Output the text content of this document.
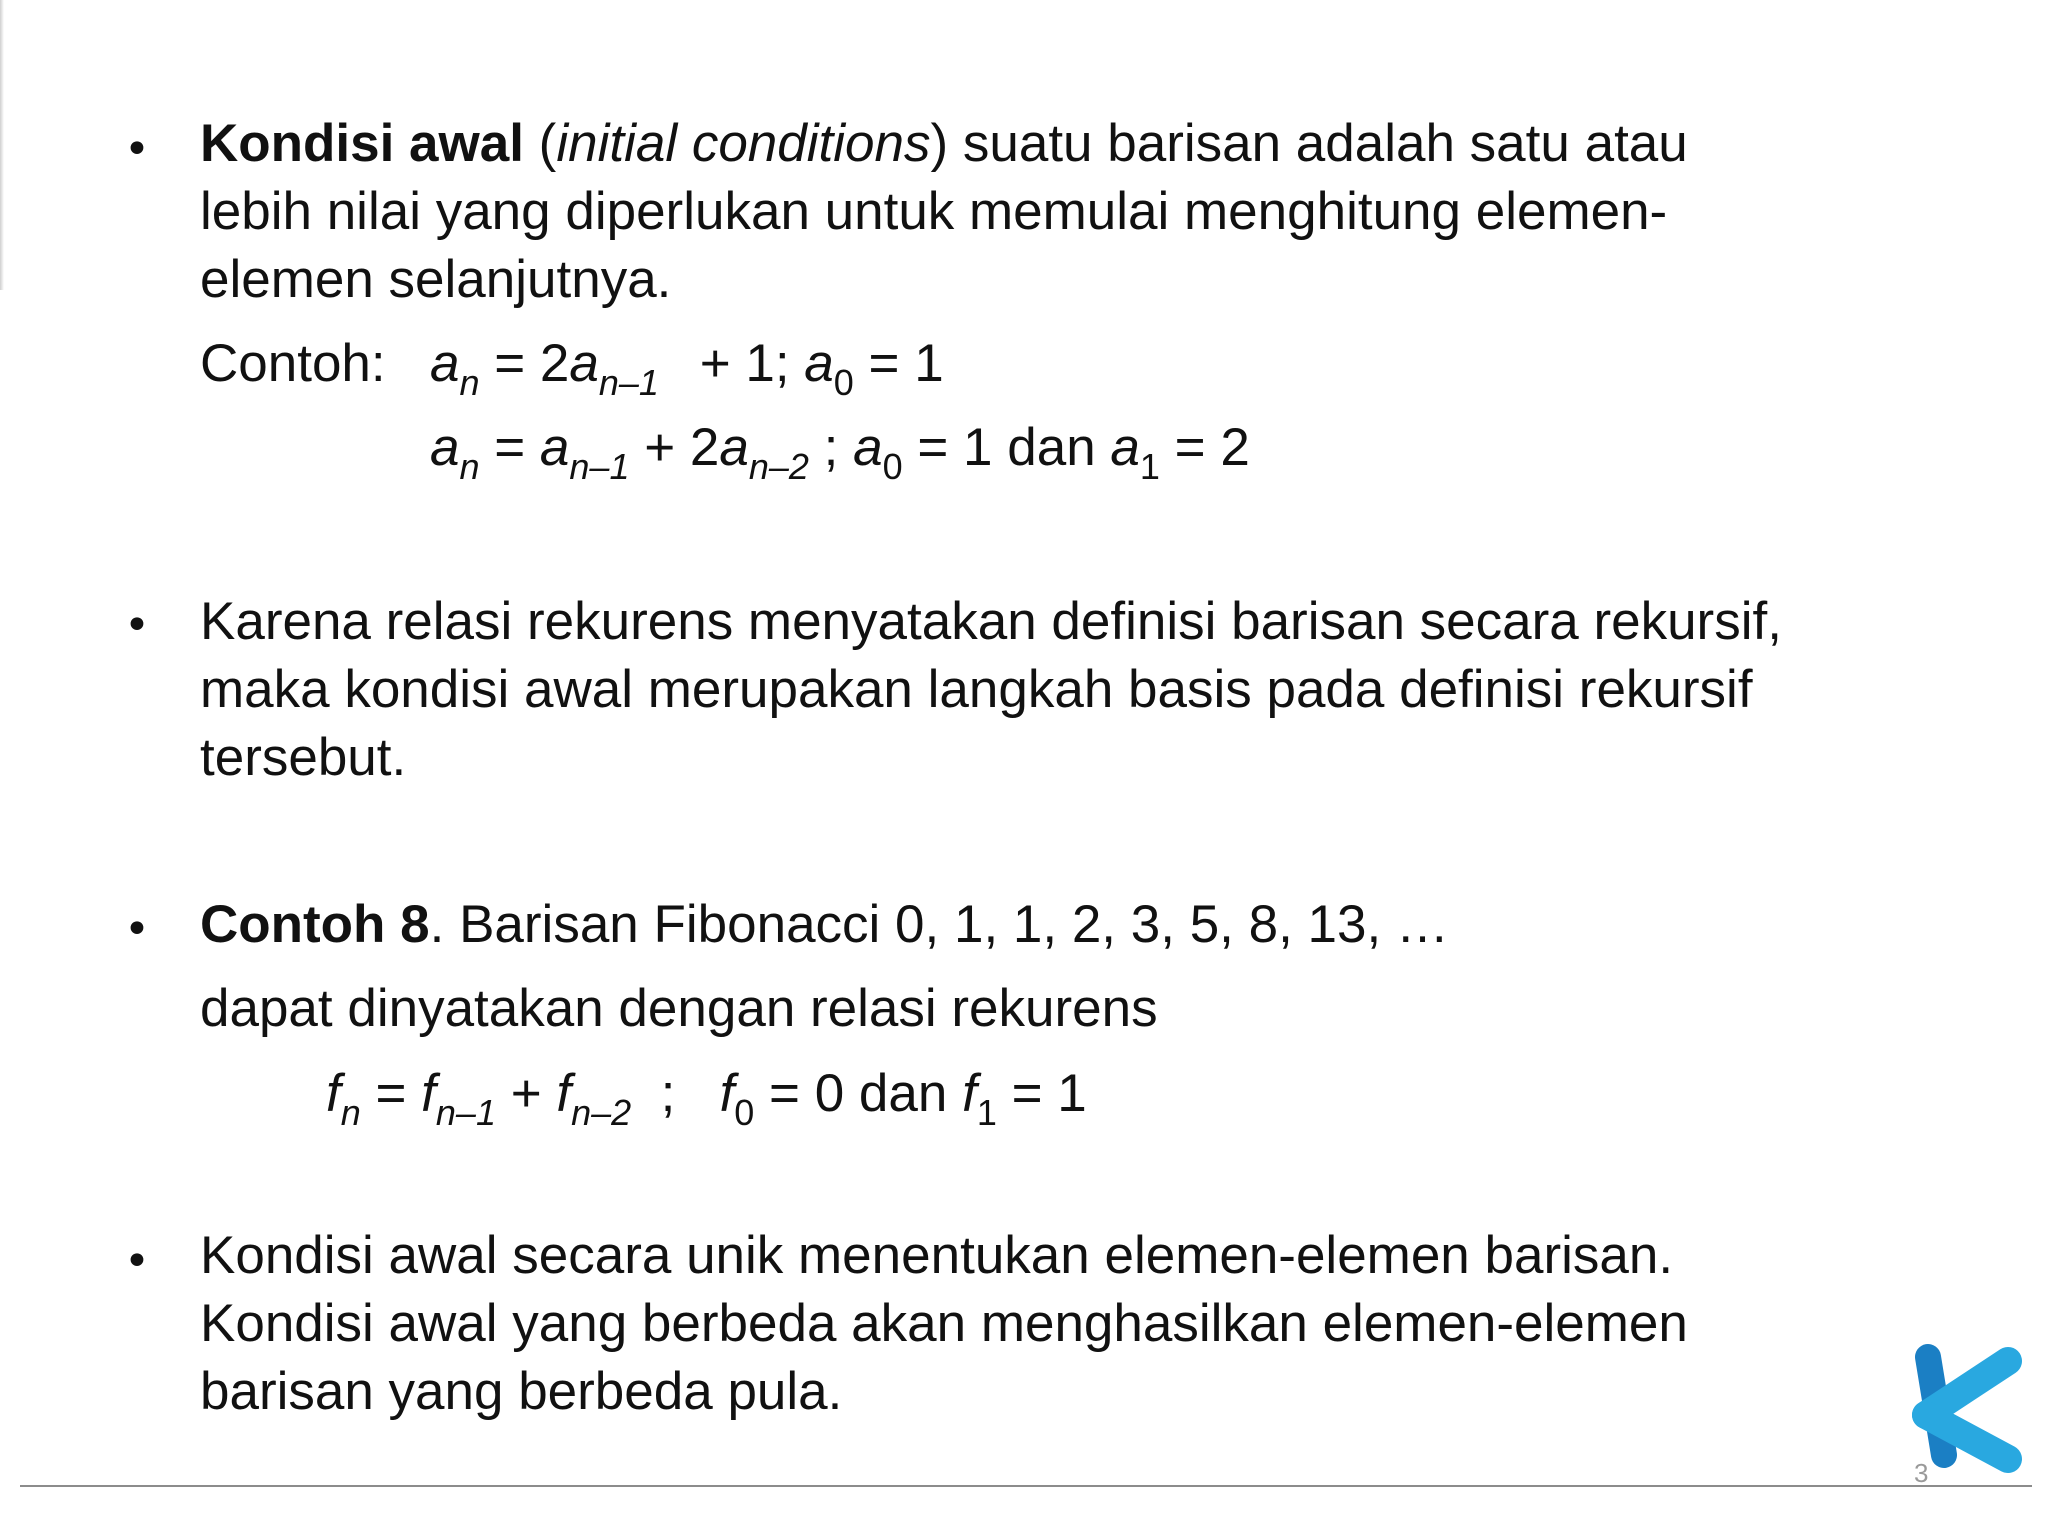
• Kondisi awal (initial conditions) suatu barisan adalah satu atau
lebih nilai yang diperlukan untuk memulai menghitung elemen-
elemen selanjutnya.

Contoh: $a_n = 2a_{n-1} + 1$; $a_0 = 1$
$a_n = a_{n-1} + 2a_{n-2}$ ; $a_0 = 1$ dan $a_1 = 2$
• Karena relasi rekurens menyatakan definisi barisan secara rekursif,
maka kondisi awal merupakan langkah basis pada definisi rekursif
tersebut.

• Contoh 8. Barisan Fibonacci 0, 1, 1, 2, 3, 5, 8, 13, …

dapat dinyatakan dengan relasi rekurens

$f_n = f_{n-1} + f_{n-2}$  ;   $f_0 = 0$ dan $f_1 = 1$
• Kondisi awal secara unik menentukan elemen-elemen barisan.
Kondisi awal yang berbeda akan menghasilkan elemen-elemen
barisan yang berbeda pula.

3
